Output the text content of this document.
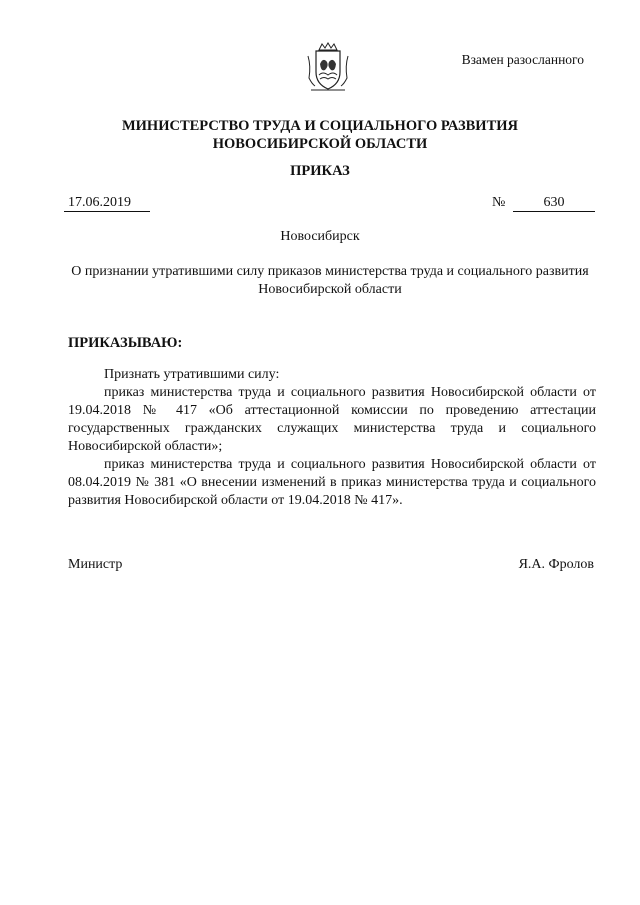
Взамен разосланного
МИНИСТЕРСТВО ТРУДА И СОЦИАЛЬНОГО РАЗВИТИЯ
НОВОСИБИРСКОЙ ОБЛАСТИ
ПРИКАЗ
17.06.2019	№	630
Новосибирск
О признании утратившими силу приказов министерства труда и социального развития Новосибирской области
ПРИКАЗЫВАЮ:

Признать утратившими силу:

приказ министерства труда и социального развития Новосибирской области от 19.04.2018 № 417 «Об аттестационной комиссии по проведению аттестации государственных гражданских служащих министерства труда и социального Новосибирской области»;

приказ министерства труда и социального развития Новосибирской области от 08.04.2019 № 381 «О внесении изменений в приказ министерства труда и социального развития Новосибирской области от 19.04.2018 № 417».

Министр	Я.А. Фролов
